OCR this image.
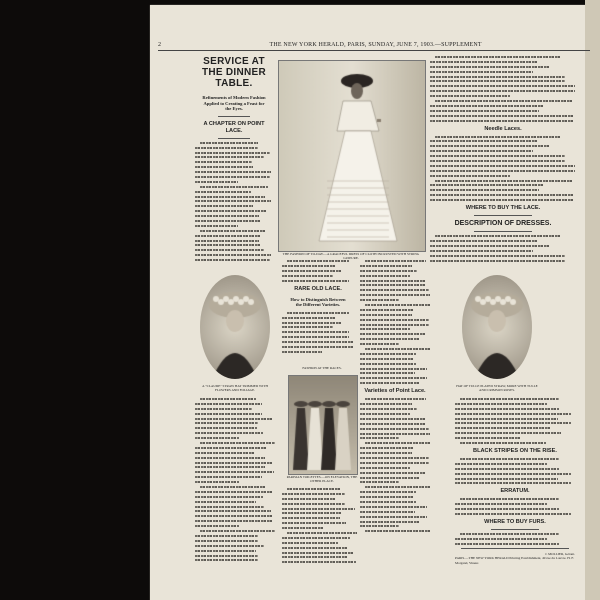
2	THE NEW YORK HERALD, PARIS, SUNDAY, JUNE 7, 1903.—SUPPLEMENT
SERVICE AT THE DINNER TABLE.
Refinements of Modern Fashion Applied to Creating a Feast for the Eyes.
A CHAPTER ON POINT LACE.
THE FASHION OF TO-DAY.—A GRACEFUL DRESS OF CLOTH INCRUSTED WITH STRING GUIPURE.
Needle Laces.
WHERE TO BUY THE LACE.
DESCRIPTION OF DRESSES.
A "CLAUDE" STRAW HAT TRIMMED WITH FLOWERS AND FOLIAGE.
RARE OLD LACE.
How to Distinguish Between the Different Varieties.
FASHION AT THE RACES.
Varieties of Point Lace.
PARISIAN TOILETTES.—ON ELEVATION, THE OTHER PLACE.
HAT OF TULLE PLATED STRAW, MORE WITH TULLE AND CRIMSON ROSES.
BLACK STRIPES ON THE RISE.
ERRATUM.
WHERE TO BUY FURS.
J. MOLLIER, Gérant.
PARIS.—THE NEW YORK HERALD Printing Establishment, 49 rue du Louvre. H. F. Morgand, Vineur.
